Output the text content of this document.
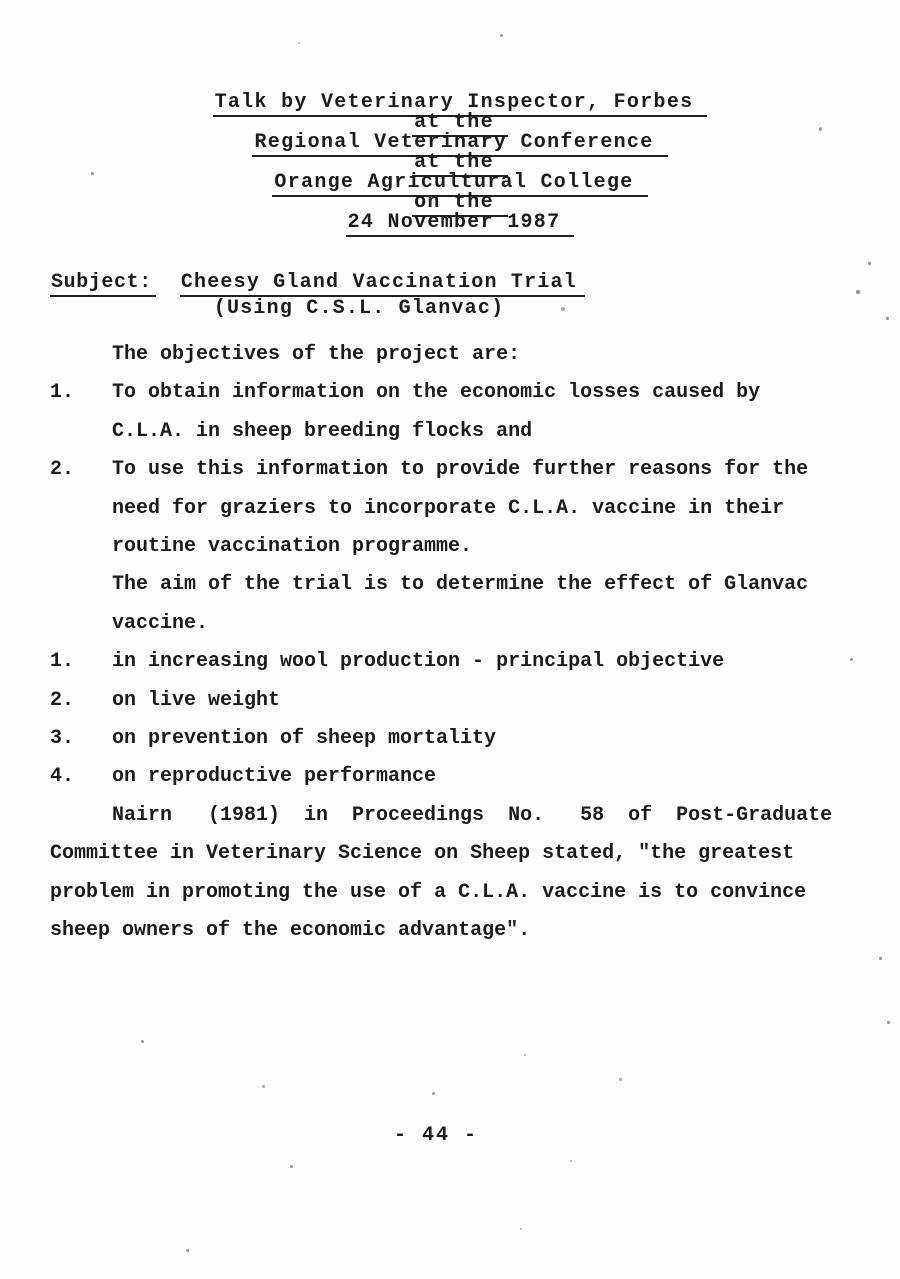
Talk by Veterinary Inspector, Forbes
at the
Regional Veterinary Conference
at the
Orange Agricultural College
on the
24 November 1987
Subject: Cheesy Gland Vaccination Trial
(Using C.S.L. Glanvac)
The objectives of the project are:
1.	To obtain information on the economic losses caused by
C.L.A. in sheep breeding flocks and
2.	To use this information to provide further reasons for the
need for graziers to incorporate C.L.A. vaccine in their
routine vaccination programme.
The aim of the trial is to determine the effect of Glanvac
vaccine.
1.	in increasing wool production - principal objective
2.	on live weight
3.	on prevention of sheep mortality
4.	on reproductive performance
Nairn   (1981)  in  Proceedings  No.   58  of  Post-Graduate
Committee in Veterinary Science on Sheep stated, "the greatest
problem in promoting the use of a C.L.A. vaccine is to convince
sheep owners of the economic advantage".
- 44 -
